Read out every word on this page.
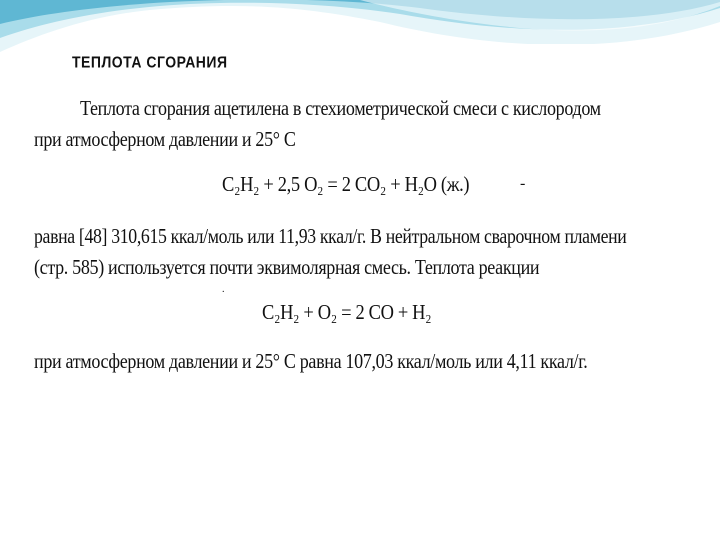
ТЕПЛОТА СГОРАНИЯ
Теплота сгорания ацетилена в стехиометрической смеси с кислородом
при атмосферном давлении и 25° С
C₂H₂ + 2,5 O₂ = 2 CO₂ + H₂O (ж.)	-
равна [48] 310,615 ккал/моль или 11,93 ккал/г. В нейтральном сварочном пламени
(стр. 585) используется почти эквимолярная смесь. Теплота реакции
.
C₂H₂ + O₂ = 2 CO + H₂
при атмосферном давлении и 25° С равна 107,03 ккал/моль или 4,11 ккал/г.
